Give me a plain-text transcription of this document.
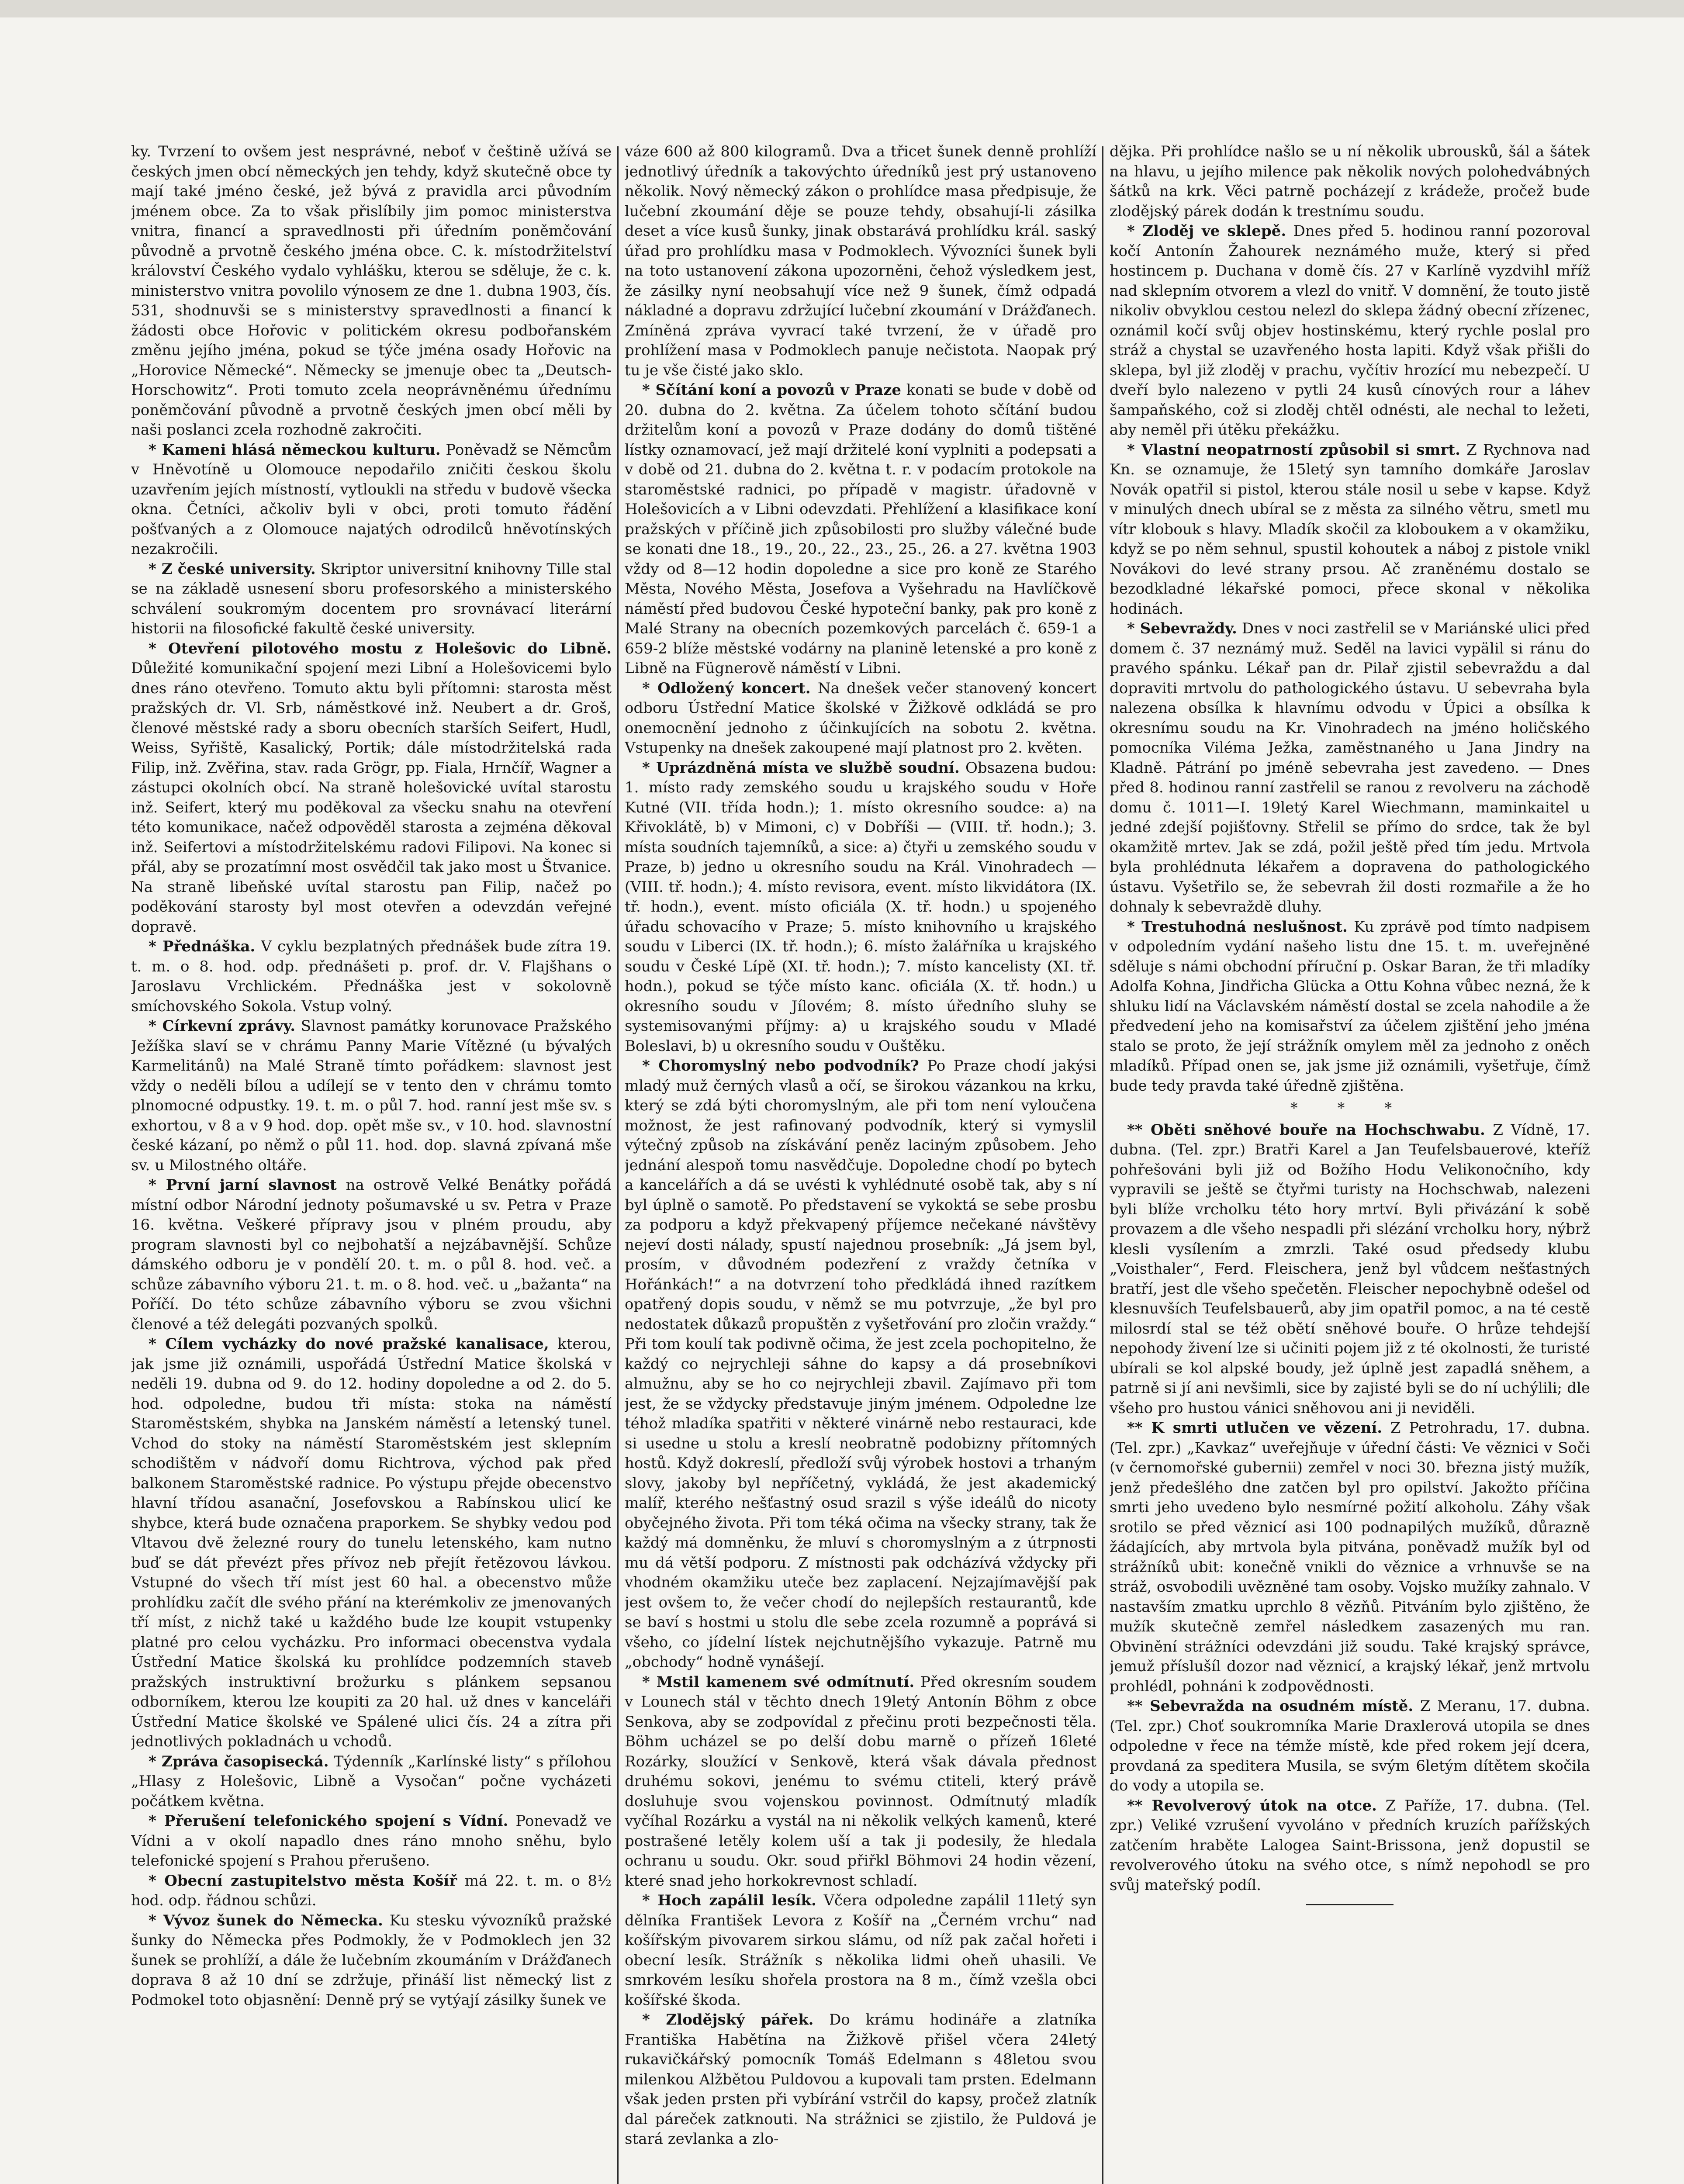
ky. Tvrzení to ovšem jest nesprávné, neboť v češtině užívá se českých jmen obcí německých jen tehdy, když skutečně obce ty mají také jméno české, jež bývá z pravidla arci původním jménem obce. Za to však přislíbily jim pomoc ministerstva vnitra, financí a spravedlnosti při úředním poněmčování původně a prvotně českého jména obce. C. k. místodržitelství království Českého vydalo vyhlášku, kterou se sděluje, že c. k. ministerstvo vnitra povolilo výnosem ze dne 1. dubna 1903, čís. 531, shodnuvši se s ministerstvy spravedlnosti a financí k žádosti obce Hořovic v politickém okresu podbořanském změnu jejího jména, pokud se týče jména osady Hořovic na „Horovice Německé“. Německy se jmenuje obec ta „Deutsch-Horschowitz“. Proti tomuto zcela neoprávněnému úřednímu poněmčování původně a prvotně českých jmen obcí měli by naši poslanci zcela rozhodně zakročiti.

* Kameni hlásá německou kulturu. Poněvadž se Němcům v Hněvotíně u Olomouce nepodařilo zničiti českou školu uzavřením jejích místností, vytloukli na středu v budově všecka okna. Četníci, ačkoliv byli v obci, proti tomuto řádění pošťvaných a z Olomouce najatých odrodilců hněvotínských nezakročili.

* Z české university. Skriptor universitní knihovny Tille stal se na základě usnesení sboru profesorského a ministerského schválení soukromým docentem pro srovnávací literární historii na filosofické fakultě české university.

* Otevření pilotového mostu z Holešovic do Libně. Důležité komunikační spojení mezi Libní a Holešovicemi bylo dnes ráno otevřeno. Tomuto aktu byli přítomni: starosta měst pražských dr. Vl. Srb, náměstkové inž. Neubert a dr. Groš, členové městské rady a sboru obecních starších Seifert, Hudl, Weiss, Syřiště, Kasalický, Portik; dále místodržitelská rada Filip, inž. Zvěřina, stav. rada Grögr, pp. Fiala, Hrnčíř, Wagner a zástupci okolních obcí. Na straně holešovické uvítal starostu inž. Seifert, který mu poděkoval za všecku snahu na otevření této komunikace, načež odpověděl starosta a zejména děkoval inž. Seifertovi a místodržitelskému radovi Filipovi. Na konec si přál, aby se prozatímní most osvědčil tak jako most u Štvanice. Na straně libeňské uvítal starostu pan Filip, načež po poděkování starosty byl most otevřen a odevzdán veřejné dopravě.

* Přednáška. V cyklu bezplatných přednášek bude zítra 19. t. m. o 8. hod. odp. přednášeti p. prof. dr. V. Flajšhans o Jaroslavu Vrchlickém. Přednáška jest v sokolovně smíchovského Sokola. Vstup volný.

* Církevní zprávy. Slavnost památky korunovace Pražského Ježíška slaví se v chrámu Panny Marie Vítězné (u bývalých Karmelitánů) na Malé Straně tímto pořádkem: slavnost jest vždy o neděli bílou a udílejí se v tento den v chrámu tomto plnomocné odpustky. 19. t. m. o půl 7. hod. ranní jest mše sv. s exhortou, v 8 a v 9 hod. dop. opět mše sv., v 10. hod. slavnostní české kázaní, po němž o půl 11. hod. dop. slavná zpívaná mše sv. u Milostného oltáře.

* První jarní slavnost na ostrově Velké Benátky pořádá místní odbor Národní jednoty pošumavské u sv. Petra v Praze 16. května. Veškeré přípravy jsou v plném proudu, aby program slavnosti byl co nejbohatší a nejzábavnější. Schůze dámského odboru je v pondělí 20. t. m. o půl 8. hod. več. a schůze zábavního výboru 21. t. m. o 8. hod. več. u „bažanta“ na Poříčí. Do této schůze zábavního výboru se zvou všichni členové a též delegáti pozvaných spolků.

* Cílem vycházky do nové pražské kanalisace, kterou, jak jsme již oznámili, uspořádá Ústřední Matice školská v neděli 19. dubna od 9. do 12. hodiny dopoledne a od 2. do 5. hod. odpoledne, budou tři místa: stoka na náměstí Staroměstském, shybka na Janském náměstí a letenský tunel. Vchod do stoky na náměstí Staroměstském jest sklepním schodištěm v nádvoří domu Richtrova, východ pak před balkonem Staroměstské radnice. Po výstupu přejde obecenstvo hlavní třídou asanační, Josefovskou a Rabínskou ulicí ke shybce, která bude označena praporkem. Se shybky vedou pod Vltavou dvě železné roury do tunelu letenského, kam nutno buď se dát převézt přes přívoz neb přejít řetězovou lávkou. Vstupné do všech tří míst jest 60 hal. a obecenstvo může prohlídku začít dle svého přání na kterémkoliv ze jmenovaných tří míst, z nichž také u každého bude lze koupit vstupenky platné pro celou vycházku. Pro informaci obecenstva vydala Ústřední Matice školská ku prohlídce podzemních staveb pražských instruktivní brožurku s plánkem sepsanou odborníkem, kterou lze koupiti za 20 hal. už dnes v kanceláři Ústřední Matice školské ve Spálené ulici čís. 24 a zítra při jednotlivých pokladnách u vchodů.

* Zpráva časopisecká. Týdenník „Karlínské listy“ s přílohou „Hlasy z Holešovic, Libně a Vysočan“ počne vycházeti počátkem května.

* Přerušení telefonického spojení s Vídní. Ponevadž ve Vídni a v okolí napadlo dnes ráno mnoho sněhu, bylo telefonické spojení s Prahou přerušeno.

* Obecní zastupitelstvo města Košíř má 22. t. m. o 8½ hod. odp. řádnou schůzi.

* Vývoz šunek do Německa. Ku stesku vývozníků pražské šunky do Německa přes Podmokly, že v Podmoklech jen 32 šunek se prohlíží, a dále že lučebním zkoumáním v Drážďanech doprava 8 až 10 dní se zdržuje, přináší list německý list z Podmokel toto objasnění: Denně prý se vytýají zásilky šunek ve

váze 600 až 800 kilogramů. Dva a třicet šunek denně prohlíží jednotlivý úředník a takovýchto úředníků jest prý ustanoveno několik. Nový německý zákon o prohlídce masa předpisuje, že lučební zkoumání děje se pouze tehdy, obsahují-li zásilka deset a více kusů šunky, jinak obstarává prohlídku král. saský úřad pro prohlídku masa v Podmoklech. Vývozníci šunek byli na toto ustanovení zákona upozorněni, čehož výsledkem jest, že zásilky nyní neobsahují více než 9 šunek, čímž odpadá nákladné a dopravu zdržující lučební zkoumání v Drážďanech. Zmíněná zpráva vyvrací také tvrzení, že v úřadě pro prohlížení masa v Podmoklech panuje nečistota. Naopak prý tu je vše čisté jako sklo.

* Sčítání koní a povozů v Praze konati se bude v době od 20. dubna do 2. května. Za účelem tohoto sčítání budou držitelům koní a povozů v Praze dodány do domů tištěné lístky oznamovací, jež mají držitelé koní vyplniti a podepsati a v době od 21. dubna do 2. května t. r. v podacím protokole na staroměstské radnici, po případě v magistr. úřadovně v Holešovicích a v Libni odevzdati. Přehlížení a klasifikace koní pražských v příčině jich způsobilosti pro služby válečné bude se konati dne 18., 19., 20., 22., 23., 25., 26. a 27. května 1903 vždy od 8—12 hodin dopoledne a sice pro koně ze Starého Města, Nového Města, Josefova a Vyšehradu na Havlíčkově náměstí před budovou České hypoteční banky, pak pro koně z Malé Strany na obecních pozemkových parcelách č. 659-1 a 659-2 blíže městské vodárny na planině letenské a pro koně z Libně na Fügnerově náměstí v Libni.

* Odložený koncert. Na dnešek večer stanovený koncert odboru Ústřední Matice školské v Žižkově odkládá se pro onemocnění jednoho z účinkujících na sobotu 2. května. Vstupenky na dnešek zakoupené mají platnost pro 2. květen.

* Uprázdněná místa ve službě soudní. Obsazena budou: 1. místo rady zemského soudu u krajského soudu v Hoře Kutné (VII. třída hodn.); 1. místo okresního soudce: a) na Křivoklátě, b) v Mimoni, c) v Dobříši — (VIII. tř. hodn.); 3. místa soudních tajemníků, a sice: a) čtyři u zemského soudu v Praze, b) jedno u okresního soudu na Král. Vinohradech — (VIII. tř. hodn.); 4. místo revisora, event. místo likvidátora (IX. tř. hodn.), event. místo oficiála (X. tř. hodn.) u spojeného úřadu schovacího v Praze; 5. místo knihovního u krajského soudu v Liberci (IX. tř. hodn.); 6. místo žalářníka u krajského soudu v České Lípě (XI. tř. hodn.); 7. místo kancelisty (XI. tř. hodn.), pokud se týče místo kanc. oficiála (X. tř. hodn.) u okresního soudu v Jílovém; 8. místo úředního sluhy se systemisovanými příjmy: a) u krajského soudu v Mladé Boleslavi, b) u okresního soudu v Ouštěku.

* Choromyslný nebo podvodník? Po Praze chodí jakýsi mladý muž černých vlasů a očí, se širokou vázankou na krku, který se zdá býti choromyslným, ale při tom není vyloučena možnost, že jest rafinovaný podvodník, který si vymyslil výtečný způsob na získávání peněz laciným způsobem. Jeho jednání alespoň tomu nasvědčuje. Dopoledne chodí po bytech a kancelářích a dá se uvésti k vyhlédnuté osobě tak, aby s ní byl úplně o samotě. Po představení se vykoktá se sebe prosbu za podporu a když překvapený příjemce nečekané návštěvy nejeví dosti nálady, spustí najednou prosebník: „Já jsem byl, prosím, v důvodném podezření z vraždy četníka v Hořánkách!“ a na dotvrzení toho předkládá ihned razítkem opatřený dopis soudu, v němž se mu potvrzuje, „že byl pro nedostatek důkazů propuštěn z vyšetřování pro zločin vraždy.“ Při tom koulí tak podivně očima, že jest zcela pochopitelno, že každý co nejrychleji sáhne do kapsy a dá prosebníkovi almužnu, aby se ho co nejrychleji zbavil. Zajímavo při tom jest, že se vždycky představuje jiným jménem. Odpoledne lze téhož mladíka spatřiti v některé vinárně nebo restauraci, kde si usedne u stolu a kreslí neobratně podobizny přítomných hostů. Když dokreslí, předloží svůj výrobek hostovi a trhaným slovy, jakoby byl nepříčetný, vykládá, že jest akademický malíř, kterého nešťastný osud srazil s výše ideálů do nicoty obyčejného života. Při tom téká očima na všecky strany, tak že každý má domněnku, že mluví s choromyslným a z útrpnosti mu dá větší podporu. Z místnosti pak odcházívá vždycky při vhodném okamžiku uteče bez zaplacení. Nejzajímavější pak jest ovšem to, že večer chodí do nejlepších restaurantů, kde se baví s hostmi u stolu dle sebe zcela rozumně a poprává si všeho, co jídelní lístek nejchutnějšího vykazuje. Patrně mu „obchody“ hodně vynášejí.

* Mstil kamenem své odmítnutí. Před okresním soudem v Lounech stál v těchto dnech 19letý Antonín Böhm z obce Senkova, aby se zodpovídal z přečinu proti bezpečnosti těla. Böhm ucházel se po delší dobu marně o přízeň 16leté Rozárky, sloužící v Senkově, která však dávala přednost druhému sokovi, jenému to svému ctiteli, který právě dosluhuje svou vojenskou povinnost. Odmítnutý mladík vyčíhal Rozárku a vystál na ni několik velkých kamenů, které postrašené letěly kolem uší a tak ji podesily, že hledala ochranu u soudu. Okr. soud přiřkl Böhmovi 24 hodin vězení, které snad jeho horkokrevnost schladí.

* Hoch zapálil lesík. Včera odpoledne zapálil 11letý syn dělníka František Levora z Košíř na „Černém vrchu“ nad košířským pivovarem sirkou slámu, od níž pak začal hořeti i obecní lesík. Strážník s několika lidmi oheň uhasili. Ve smrkovém lesíku shořela prostora na 8 m., čímž vzešla obci košířské škoda.

* Zlodějský pářek. Do krámu hodináře a zlatníka Františka Habětína na Žižkově přišel včera 24letý rukavičkářský pomocník Tomáš Edelmann s 48letou svou milenkou Alžbětou Puldovou a kupovali tam prsten. Edelmann však jeden prsten při vybírání vstrčil do kapsy, pročež zlatník dal páreček zatknouti. Na strážnici se zjistilo, že Puldová je stará zevlanka a zlo-

dějka. Při prohlídce našlo se u ní několik ubrousků, šál a šátek na hlavu, u jejího milence pak několik nových polohedvábných šátků na krk. Věci patrně pocházejí z krádeže, pročež bude zlodějský párek dodán k trestnímu soudu.

* Zloděj ve sklepě. Dnes před 5. hodinou ranní pozoroval kočí Antonín Žahourek neznámého muže, který si před hostincem p. Duchana v domě čís. 27 v Karlíně vyzdvihl mříž nad sklepním otvorem a vlezl do vnitř. V domnění, že touto jistě nikoliv obvyklou cestou nelezl do sklepa žádný obecní zřízenec, oznámil kočí svůj objev hostinskému, který rychle poslal pro stráž a chystal se uzavřeného hosta lapiti. Když však přišli do sklepa, byl již zloděj v prachu, vyčítiv hrozící mu nebezpečí. U dveří bylo nalezeno v pytli 24 kusů cínových rour a láhev šampaňského, což si zloděj chtěl odnésti, ale nechal to ležeti, aby neměl při útěku překážku.

* Vlastní neopatrností způsobil si smrt. Z Rychnova nad Kn. se oznamuje, že 15letý syn tamního domkáře Jaroslav Novák opatřil si pistol, kterou stále nosil u sebe v kapse. Když v minulých dnech ubíral se z města za silného větru, smetl mu vítr klobouk s hlavy. Mladík skočil za kloboukem a v okamžiku, když se po něm sehnul, spustil kohoutek a náboj z pistole vnikl Novákovi do levé strany prsou. Ač zraněnému dostalo se bezodkladné lékařské pomoci, přece skonal v několika hodinách.

* Sebevraždy. Dnes v noci zastřelil se v Mariánské ulici před domem č. 37 neznámý muž. Seděl na lavici vypälil si ránu do pravého spánku. Lékař pan dr. Pilař zjistil sebevraždu a dal dopraviti mrtvolu do pathologického ústavu. U sebevraha byla nalezena obsílka k hlavnímu odvodu v Úpici a obsílka k okresnímu soudu na Kr. Vinohradech na jméno holičského pomocníka Viléma Ježka, zaměstnaného u Jana Jindry na Kladně. Pátrání po jméně sebevraha jest zavedeno. — Dnes před 8. hodinou ranní zastřelil se ranou z revolveru na záchodě domu č. 1011—I. 19letý Karel Wiechmann, maminkaitel u jedné zdejší pojišťovny. Střelil se přímo do srdce, tak že byl okamžitě mrtev. Jak se zdá, požil ještě před tím jedu. Mrtvola byla prohlédnuta lékařem a dopravena do pathologického ústavu. Vyšetřilo se, že sebevrah žil dosti rozmařile a že ho dohnaly k sebevraždě dluhy.

* Trestuhodná neslušnost. Ku zprávě pod tímto nadpisem v odpoledním vydání našeho listu dne 15. t. m. uveřejněné sděluje s námi obchodní příruční p. Oskar Baran, že tři mladíky Adolfa Kohna, Jindřicha Glücka a Ottu Kohna vůbec nezná, že k shluku lidí na Václavském náměstí dostal se zcela nahodile a že předvedení jeho na komisařství za účelem zjištění jeho jména stalo se proto, že její strážník omylem měl za jednoho z oněch mladíků. Případ onen se, jak jsme již oznámili, vyšetřuje, čímž bude tedy pravda také úředně zjištěna.

* * *

** Oběti sněhové bouře na Hochschwabu. Z Vídně, 17. dubna. (Tel. zpr.) Bratři Karel a Jan Teufelsbauerové, kteříž pohřešováni byli již od Božího Hodu Velikonočního, kdy vypravili se ještě se čtyřmi turisty na Hochschwab, nalezeni byli blíže vrcholku této hory mrtví. Byli přivázání k sobě provazem a dle všeho nespadli při slézání vrcholku hory, nýbrž klesli vysílením a zmrzli. Také osud předsedy klubu „Voisthaler“, Ferd. Fleischera, jenž byl vůdcem nešťastných bratří, jest dle všeho spečetěn. Fleischer nepochybně odešel od klesnuvších Teufelsbauerů, aby jim opatřil pomoc, a na té cestě milosrdí stal se též obětí sněhové bouře. O hrůze tehdejší nepohody živení lze si učiniti pojem již z té okolnosti, že turisté ubírali se kol alpské boudy, jež úplně jest zapadlá sněhem, a patrně si jí ani nevšimli, sice by zajisté byli se do ní uchýlili; dle všeho pro hustou vánici sněhovou ani ji neviděli.

** K smrti utlučen ve vězení. Z Petrohradu, 17. dubna. (Tel. zpr.) „Kavkaz“ uveřejňuje v úřední části: Ve věznici v Soči (v černomořské gubernii) zemřel v noci 30. března jistý mužík, jenž předešlého dne zatčen byl pro opilství. Jakožto příčina smrti jeho uvedeno bylo nesmírné požití alkoholu. Záhy však srotilo se před věznicí asi 100 podnapilých mužíků, důrazně žádajících, aby mrtvola byla pitvána, poněvadž mužík byl od strážníků ubit: konečně vnikli do věznice a vrhnuvše se na stráž, osvobodili uvězněné tam osoby. Vojsko mužíky zahnalo. V nastavším zmatku uprchlo 8 vězňů. Pitváním bylo zjištěno, že mužík skutečně zemřel následkem zasazených mu ran. Obvinění strážníci odevzdáni již soudu. Také krajský správce, jemuž příslušíl dozor nad věznicí, a krajský lékař, jenž mrtvolu prohlédl, pohnáni k zodpovědnosti.

** Sebevražda na osudném místě. Z Meranu, 17. dubna. (Tel. zpr.) Choť soukromníka Marie Draxlerová utopila se dnes odpoledne v řece na témže místě, kde před rokem její dcera, provdaná za speditera Musila, se svým 6letým dítětem skočila do vody a utopila se.

** Revolverový útok na otce. Z Paříže, 17. dubna. (Tel. zpr.) Veliké vzrušení vyvoláno v předních kruzích pařížských zatčením hraběte Lalogea Saint-Brissona, jenž dopustil se revolverového útoku na svého otce, s nímž nepohodl se pro svůj mateřský podíl.
